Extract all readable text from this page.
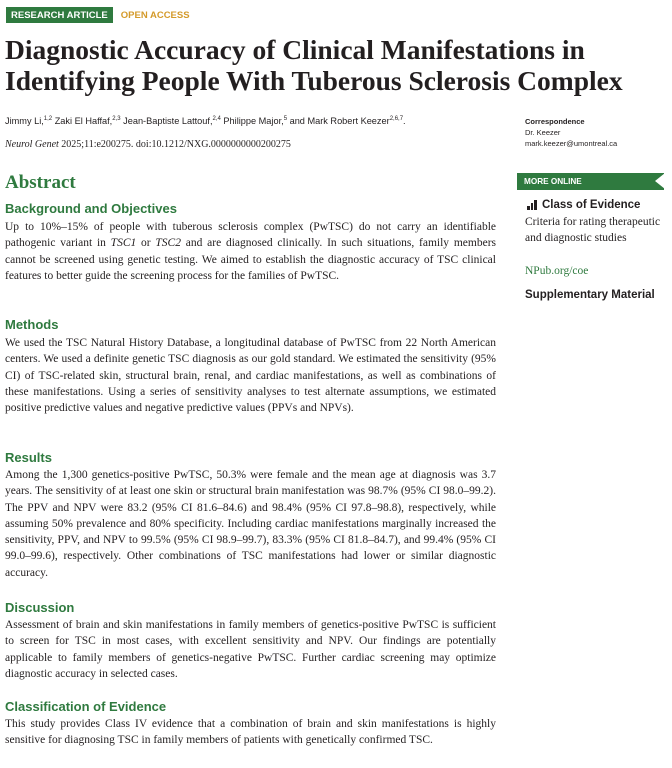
RESEARCH ARTICLE	OPEN ACCESS
Diagnostic Accuracy of Clinical Manifestations in Identifying People With Tuberous Sclerosis Complex
Jimmy Li,$^{1,2}$ Zaki El Haffaf,$^{2,3}$ Jean-Baptiste Lattouf,$^{2,4}$ Philippe Major,$^5$ and Mark Robert Keezer$^{2,6,7}$.
Neurol Genet 2025;11:e200275. doi:10.1212/NXG.0000000000200275
Correspondence
Dr. Keezer
mark.keezer@umontreal.ca
Abstract
Background and Objectives

Up to 10%–15% of people with tuberous sclerosis complex (PwTSC) do not carry an identifiable pathogenic variant in TSC1 or TSC2 and are diagnosed clinically. In such situations, family members cannot be screened using genetic testing. We aimed to establish the diagnostic accuracy of TSC clinical features to better guide the screening process for the families of PwTSC.

Methods

We used the TSC Natural History Database, a longitudinal database of PwTSC from 22 North American centers. We used a definite genetic TSC diagnosis as our gold standard. We estimated the sensitivity (95% CI) of TSC-related skin, structural brain, renal, and cardiac manifestations, as well as combinations of these manifestations. Using a series of sensitivity analyses to test alternate assumptions, we estimated positive predictive values and negative predictive values (PPVs and NPVs).

Results

Among the 1,300 genetics-positive PwTSC, 50.3% were female and the mean age at diagnosis was 3.7 years. The sensitivity of at least one skin or structural brain manifestation was 98.7% (95% CI 98.0–99.2). The PPV and NPV were 83.2 (95% CI 81.6–84.6) and 98.4% (95% CI 97.8–98.8), respectively, while assuming 50% prevalence and 80% specificity. Including cardiac manifestations marginally increased the sensitivity, PPV, and NPV to 99.5% (95% CI 98.9–99.7), 83.3% (95% CI 81.8–84.7), and 99.4% (95% CI 99.0–99.6), respectively. Other combinations of TSC manifestations had lower or similar diagnostic accuracy.

Discussion

Assessment of brain and skin manifestations in family members of genetics-positive PwTSC is sufficient to screen for TSC in most cases, with excellent sensitivity and NPV. Our findings are potentially applicable to family members of genetics-negative PwTSC. Further cardiac screening may optimize diagnostic accuracy in selected cases.

Classification of Evidence

This study provides Class IV evidence that a combination of brain and skin manifestations is highly sensitive for diagnosing TSC in family members of patients with genetically confirmed TSC.

MORE ONLINE
Class of Evidence
Criteria for rating therapeutic and diagnostic studies
NPub.org/coe
Supplementary Material
